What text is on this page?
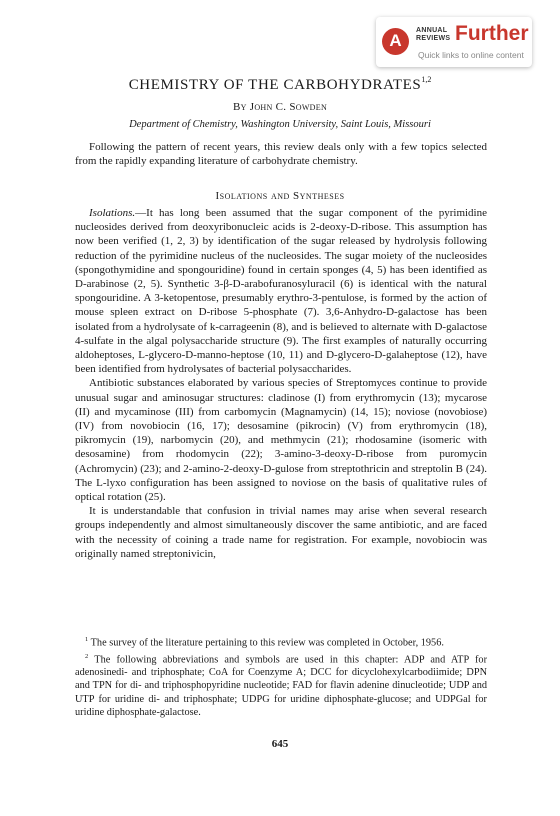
A
ANNUAL REVIEWS Further
Quick links to online content
CHEMISTRY OF THE CARBOHYDRATES$^{1,2}$
By John C. Sowden
Department of Chemistry, Washington University, Saint Louis, Missouri

Following the pattern of recent years, this review deals only with a few topics selected from the rapidly expanding literature of carbohydrate chemistry.

Isolations and Syntheses

Isolations.—It has long been assumed that the sugar component of the pyrimidine nucleosides derived from deoxyribonucleic acids is 2-deoxy-D-ribose. This assumption has now been verified (1, 2, 3) by identification of the sugar released by hydrolysis following reduction of the pyrimidine nucleus of the nucleosides. The sugar moiety of the nucleosides (spongothymidine and spongouridine) found in certain sponges (4, 5) has been identified as D-arabinose (2, 5). Synthetic 3-β-D-arabofuranosyluracil (6) is identical with the natural spongouridine. A 3-ketopentose, presumably erythro-3-pentulose, is formed by the action of mouse spleen extract on D-ribose 5-phosphate (7). 3,6-Anhydro-D-galactose has been isolated from a hydrolysate of k-carrageenin (8), and is believed to alternate with D-galactose 4-sulfate in the algal polysaccharide structure (9). The first examples of naturally occurring aldoheptoses, L-glycero-D-manno-heptose (10, 11) and D-glycero-D-galaheptose (12), have been identified from hydrolysates of bacterial polysaccharides.

Antibiotic substances elaborated by various species of Streptomyces continue to provide unusual sugar and aminosugar structures: cladinose (I) from erythromycin (13); mycarose (II) and mycaminose (III) from carbomycin (Magnamycin) (14, 15); noviose (novobiose) (IV) from novobiocin (16, 17); desosamine (pikrocin) (V) from erythromycin (18), pikromycin (19), narbomycin (20), and methmycin (21); rhodosamine (isomeric with desosamine) from rhodomycin (22); 3-amino-3-deoxy-D-ribose from puromycin (Achromycin) (23); and 2-amino-2-deoxy-D-gulose from streptothricin and streptolin B (24). The L-lyxo configuration has been assigned to noviose on the basis of qualitative rules of optical rotation (25).

It is understandable that confusion in trivial names may arise when several research groups independently and almost simultaneously discover the same antibiotic, and are faced with the necessity of coining a trade name for registration. For example, novobiocin was originally named streptonivicin,

$^1$ The survey of the literature pertaining to this review was completed in October, 1956.

$^2$ The following abbreviations and symbols are used in this chapter: ADP and ATP for adenosinedi- and triphosphate; CoA for Coenzyme A; DCC for dicyclohexylcarbodiimide; DPN and TPN for di- and triphosphopyridine nucleotide; FAD for flavin adenine dinucleotide; UDP and UTP for uridine di- and triphosphate; UDPG for uridine diphosphate-glucose; and UDPGal for uridine diphosphate-galactose.

645
